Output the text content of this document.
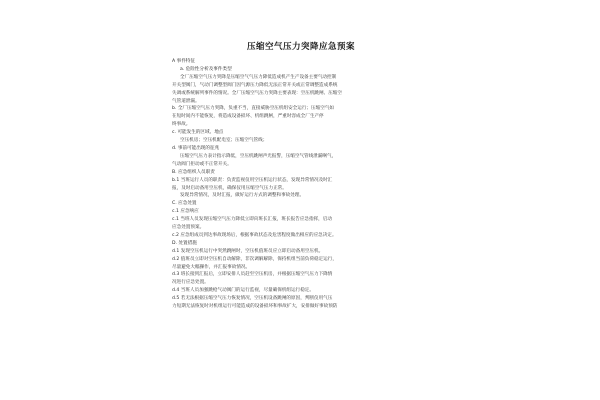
压缩空气压力突降应急预案
A 事件特征
a. 危险性分析及事件类型
全厂压缩空气压力突降是压缩空气气压力降低造成机产生产设备主要气动控制
开关型阀门，气动门调整型阀门因气源压力降低无法正常开关或正常调整造成系统
失调或系统解列事件的情况。全厂压缩空气压力突降主要表现：空压机跳闸、压缩空
气管道泄漏。
b. 全厂压缩空气压力突降，负重不当，直接威胁空压机组安全运行；压缩空气如
在短时间内不能恢复，将造成设备损坏、机组跳闸，严重时容成全厂生产停
终事故。
c. 可能发生的区域、地点
空压机房；空压机配电室；压缩空气管线；
d. 事前可能出现的征兆
压缩空气压力表计指示降低，空压机跳闸声光报警，压缩空气管线泄漏啊气，
气动阀门拒动或不正常开关。
B. 应急组织人员职责
b.1 当班运行人员的职责：负责监视仪用空压机运行状态，发现异常情况及时汇
报，及时启动备用空压机，确保仪用压缩空气压力正常。
发现异常情况，及时汇报，做好运行方式的调整和事故处理。
C. 应急处置
c.1 应急响应
c.1 当班人员发现压缩空气压力降低立即向班长汇报，班长报告应急指挥，启动
应急处置预案。
c.2 应急组成员到达事故现场后，根据事故状态及危害程度做出相应的应急决定。
D. 处置措施
d.1 发现空压机运行中突然跳闸时，空压机值班员应立即启动备用空压机。
d.2 值班员立即对空压机自动解除，非次调解解除，保持机组当前负荷稳定运行，
尽量避免大幅操作，并汇报事故情况。
d.3 班长接到汇报后，立即安排人员赶至空压机房，并根据压缩空气压力下降情
况进行应急处置。
d.4 当班人员加强跳枪气动阀门的运行监视，尽量确保机组运行稳定。
d.5 若无法根据压缩空气压力恢复情况，空压机设备跳闸的原因，判断仪用气压
力短期无法恢复时对机组运行可能造成的设备损坏和事故扩大，安排做好事故预防
